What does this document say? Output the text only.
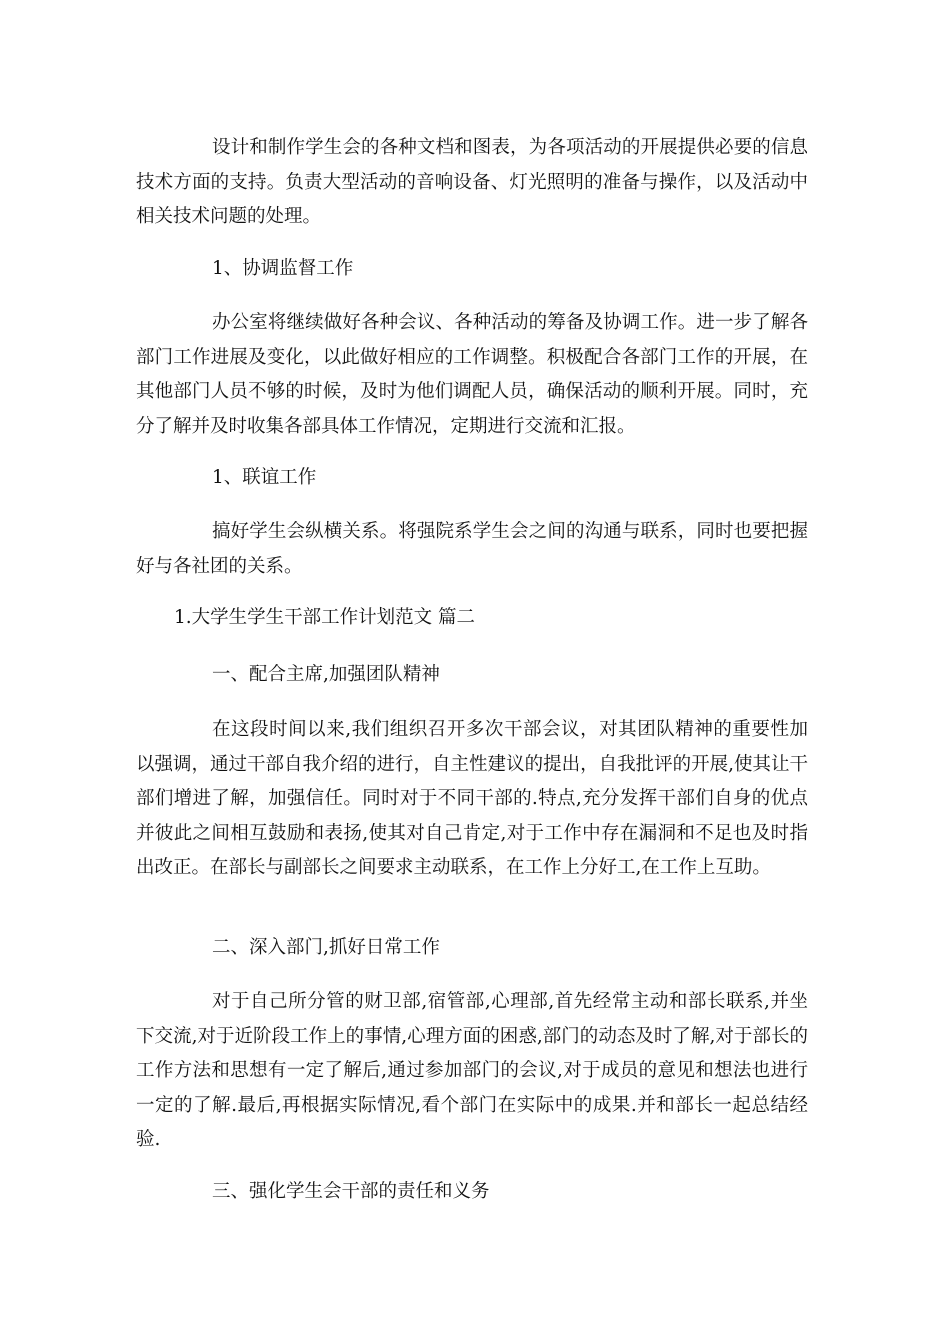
设计和制作学生会的各种文档和图表，为各项活动的开展提供必要的信息技术方面的支持。负责大型活动的音响设备、灯光照明的准备与操作，以及活动中相关技术问题的处理。

1、协调监督工作

办公室将继续做好各种会议、各种活动的筹备及协调工作。进一步了解各部门工作进展及变化，以此做好相应的工作调整。积极配合各部门工作的开展，在其他部门人员不够的时候，及时为他们调配人员，确保活动的顺利开展。同时，充分了解并及时收集各部具体工作情况，定期进行交流和汇报。

1、联谊工作

搞好学生会纵横关系。将强院系学生会之间的沟通与联系，同时也要把握好与各社团的关系。

1.大学生学生干部工作计划范文 篇二

一、配合主席,加强团队精神

在这段时间以来,我们组织召开多次干部会议，对其团队精神的重要性加以强调，通过干部自我介绍的进行，自主性建议的提出，自我批评的开展,使其让干部们增进了解，加强信任。同时对于不同干部的.特点,充分发挥干部们自身的优点并彼此之间相互鼓励和表扬,使其对自己肯定,对于工作中存在漏洞和不足也及时指出改正。在部长与副部长之间要求主动联系，在工作上分好工,在工作上互助。

二、深入部门,抓好日常工作

对于自己所分管的财卫部,宿管部,心理部,首先经常主动和部长联系,并坐下交流,对于近阶段工作上的事情,心理方面的困惑,部门的动态及时了解,对于部长的工作方法和思想有一定了解后,通过参加部门的会议,对于成员的意见和想法也进行一定的了解.最后,再根据实际情况,看个部门在实际中的成果.并和部长一起总结经验.

三、强化学生会干部的责任和义务
